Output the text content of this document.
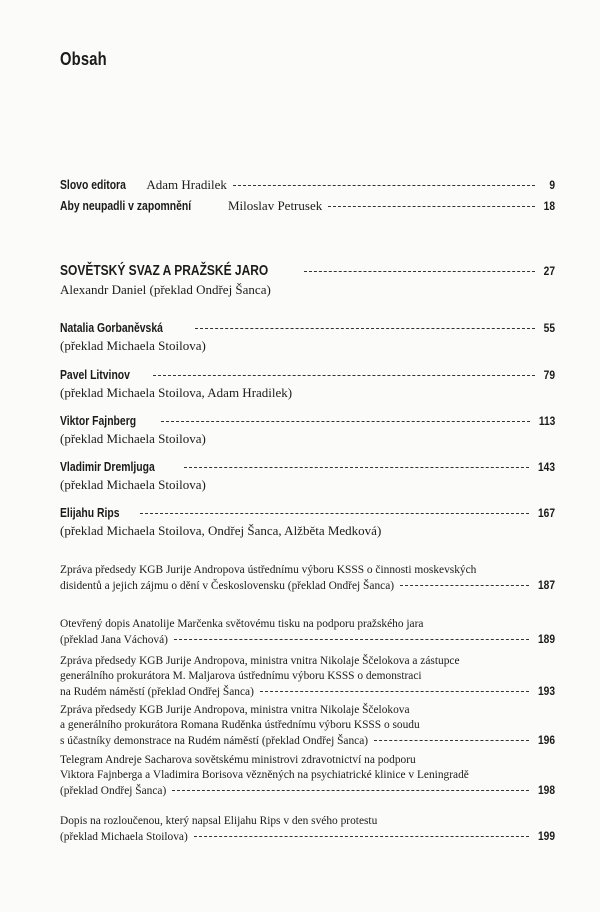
Obsah
Slovo editora Adam Hradilek	9
Aby neupadli v zapomnění	Miloslav Petrusek	18
SOVĚTSKÝ SVAZ A PRAŽSKÉ JARO	27
Alexandr Daniel (překlad Ondřej Šanca)
Natalia Gorbaněvská	55
(překlad Michaela Stoilova)
Pavel Litvinov	79
(překlad Michaela Stoilova, Adam Hradilek)
Viktor Fajnberg	113
(překlad Michaela Stoilova)
Vladimir Dremljuga	143
(překlad Michaela Stoilova)
Elijahu Rips	167
(překlad Michaela Stoilova, Ondřej Šanca, Alžběta Medková)
Zpráva předsedy KGB Jurije Andropova ústřednímu výboru KSSS o činnosti moskevských
disidentů a jejich zájmu o dění v Československu (překlad Ondřej Šanca)	187
Otevřený dopis Anatolije Marčenka světovému tisku na podporu pražského jara
(překlad Jana Váchová)	189
Zpráva předsedy KGB Jurije Andropova, ministra vnitra Nikolaje Ščelokova a zástupce
generálního prokurátora M. Maljarova ústřednímu výboru KSSS o demonstraci
na Rudém náměstí (překlad Ondřej Šanca)	193
Zpráva předsedy KGB Jurije Andropova, ministra vnitra Nikolaje Ščelokova
a generálního prokurátora Romana Ruděnka ústřednímu výboru KSSS o soudu
s účastníky demonstrace na Rudém náměstí (překlad Ondřej Šanca)	196
Telegram Andreje Sacharova sovětskému ministrovi zdravotnictví na podporu
Viktora Fajnberga a Vladimira Borisova vězněných na psychiatrické klinice v Leningradě
(překlad Ondřej Šanca)	198
Dopis na rozloučenou, který napsal Elijahu Rips v den svého protestu
(překlad Michaela Stoilova)	199
